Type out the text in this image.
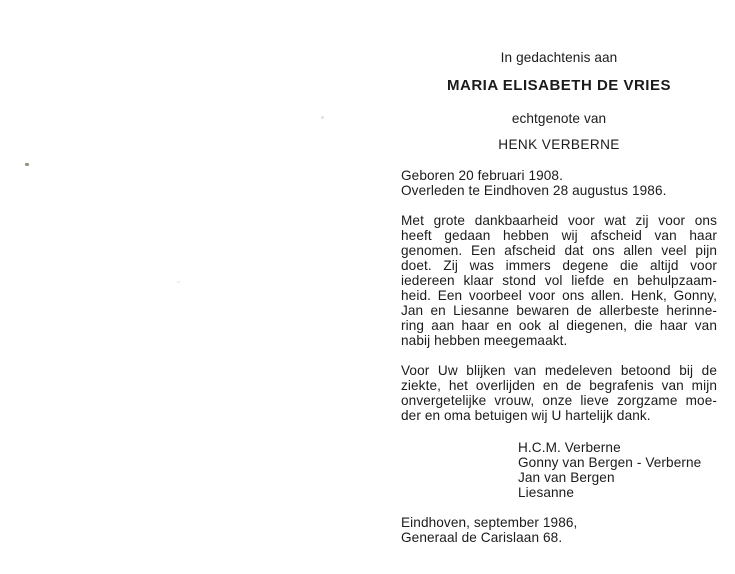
In gedachtenis aan
MARIA ELISABETH DE VRIES
echtgenote van
HENK VERBERNE
Geboren 20 februari 1908.
Overleden te Eindhoven 28 augustus 1986.
Met grote dankbaarheid voor wat zij voor ons
heeft gedaan hebben wij afscheid van haar
genomen. Een afscheid dat ons allen veel pijn
doet. Zij was immers degene die altijd voor
iedereen klaar stond vol liefde en behulpzaam-
heid. Een voorbeel voor ons allen. Henk, Gonny,
Jan en Liesanne bewaren de allerbeste herinne-
ring aan haar en ook al diegenen, die haar van
nabij hebben meegemaakt.
Voor Uw blijken van medeleven betoond bij de
ziekte, het overlijden en de begrafenis van mijn
onvergetelijke vrouw, onze lieve zorgzame moe-
der en oma betuigen wij U hartelijk dank.
H.C.M. Verberne
Gonny van Bergen - Verberne
Jan van Bergen
Liesanne
Eindhoven, september 1986,
Generaal de Carislaan 68.
